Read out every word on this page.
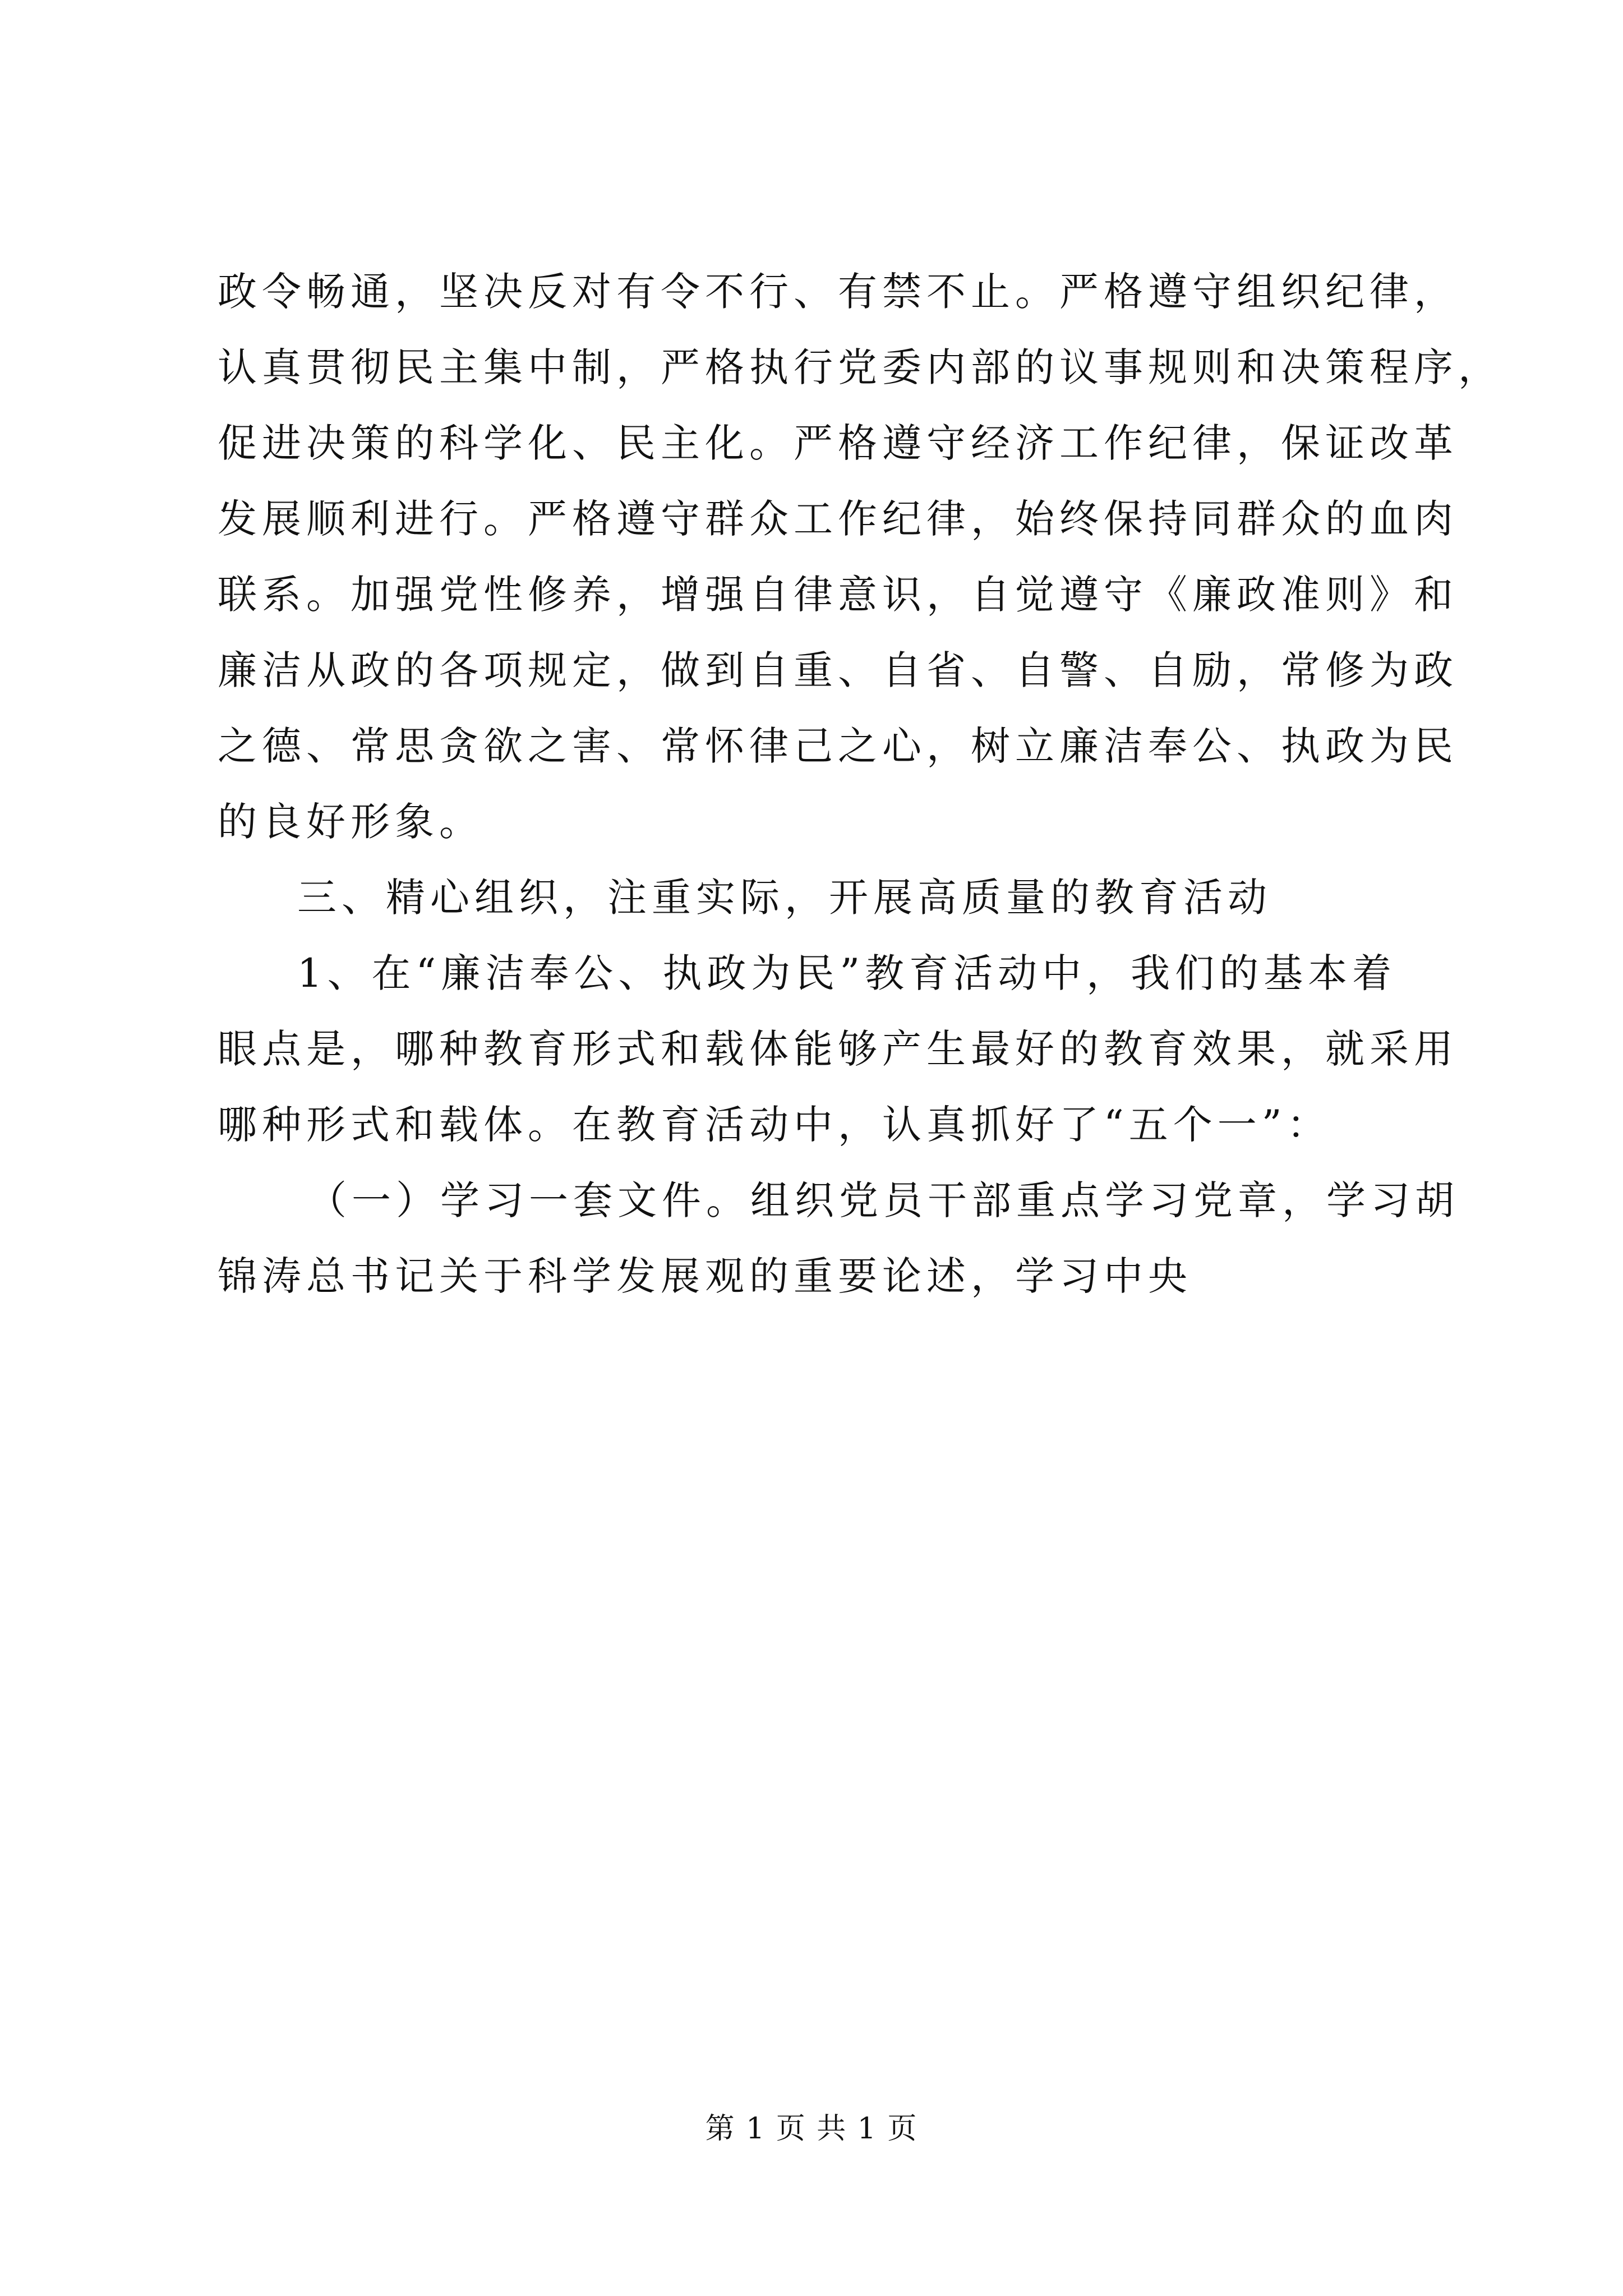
政令畅通，坚决反对有令不行、有禁不止。严格遵守组织纪律，
认真贯彻民主集中制，严格执行党委内部的议事规则和决策程序，
促进决策的科学化、民主化。严格遵守经济工作纪律，保证改革
发展顺利进行。严格遵守群众工作纪律，始终保持同群众的血肉
联系。加强党性修养，增强自律意识，自觉遵守《廉政准则》和
廉洁从政的各项规定，做到自重、自省、自警、自励，常修为政
之德、常思贪欲之害、常怀律己之心，树立廉洁奉公、执政为民
的良好形象。
三、精心组织，注重实际，开展高质量的教育活动
1、在“廉洁奉公、执政为民”教育活动中，我们的基本着
眼点是，哪种教育形式和载体能够产生最好的教育效果，就采用
哪种形式和载体。在教育活动中，认真抓好了“五个一”：
（一）学习一套文件。组织党员干部重点学习党章，学习胡
锦涛总书记关于科学发展观的重要论述，学习中央
第 1 页 共 1 页
